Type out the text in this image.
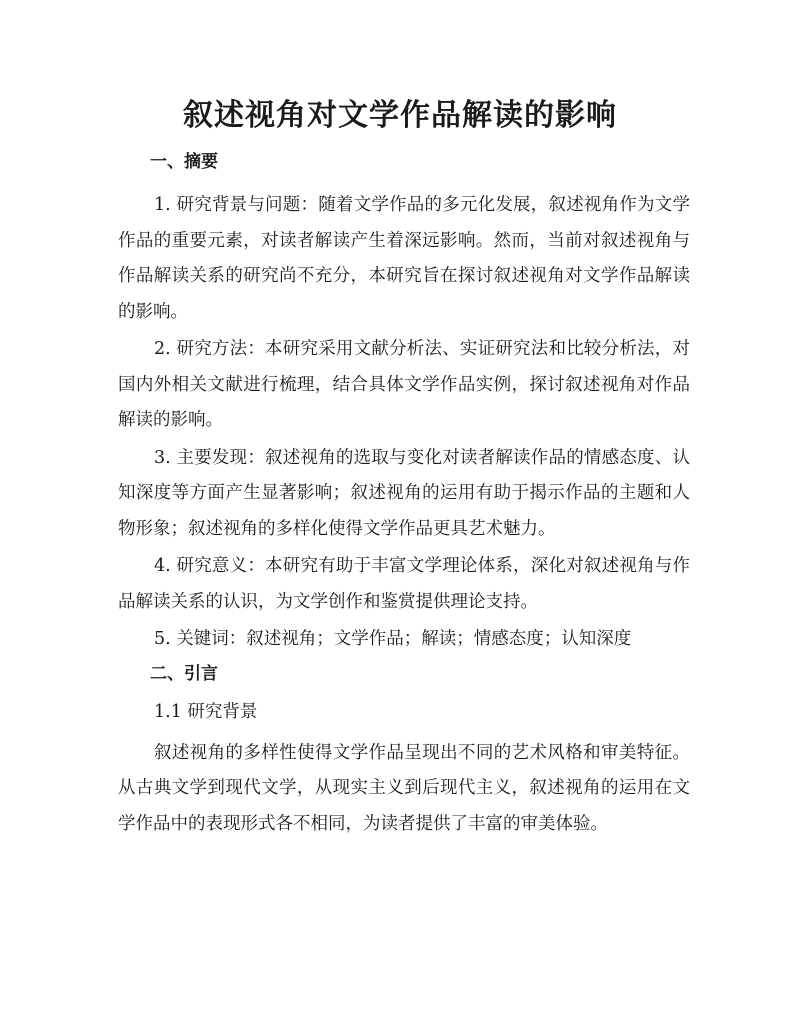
叙述视角对文学作品解读的影响
一、摘要

1. 研究背景与问题：随着文学作品的多元化发展，叙述视角作为文学作品的重要元素，对读者解读产生着深远影响。然而，当前对叙述视角与作品解读关系的研究尚不充分，本研究旨在探讨叙述视角对文学作品解读的影响。

2. 研究方法：本研究采用文献分析法、实证研究法和比较分析法，对国内外相关文献进行梳理，结合具体文学作品实例，探讨叙述视角对作品解读的影响。

3. 主要发现：叙述视角的选取与变化对读者解读作品的情感态度、认知深度等方面产生显著影响；叙述视角的运用有助于揭示作品的主题和人物形象；叙述视角的多样化使得文学作品更具艺术魅力。

4. 研究意义：本研究有助于丰富文学理论体系，深化对叙述视角与作品解读关系的认识，为文学创作和鉴赏提供理论支持。

5. 关键词：叙述视角；文学作品；解读；情感态度；认知深度

二、引言
1.1 研究背景

叙述视角的多样性使得文学作品呈现出不同的艺术风格和审美特征。从古典文学到现代文学，从现实主义到后现代主义，叙述视角的运用在文学作品中的表现形式各不相同，为读者提供了丰富的审美体验。
